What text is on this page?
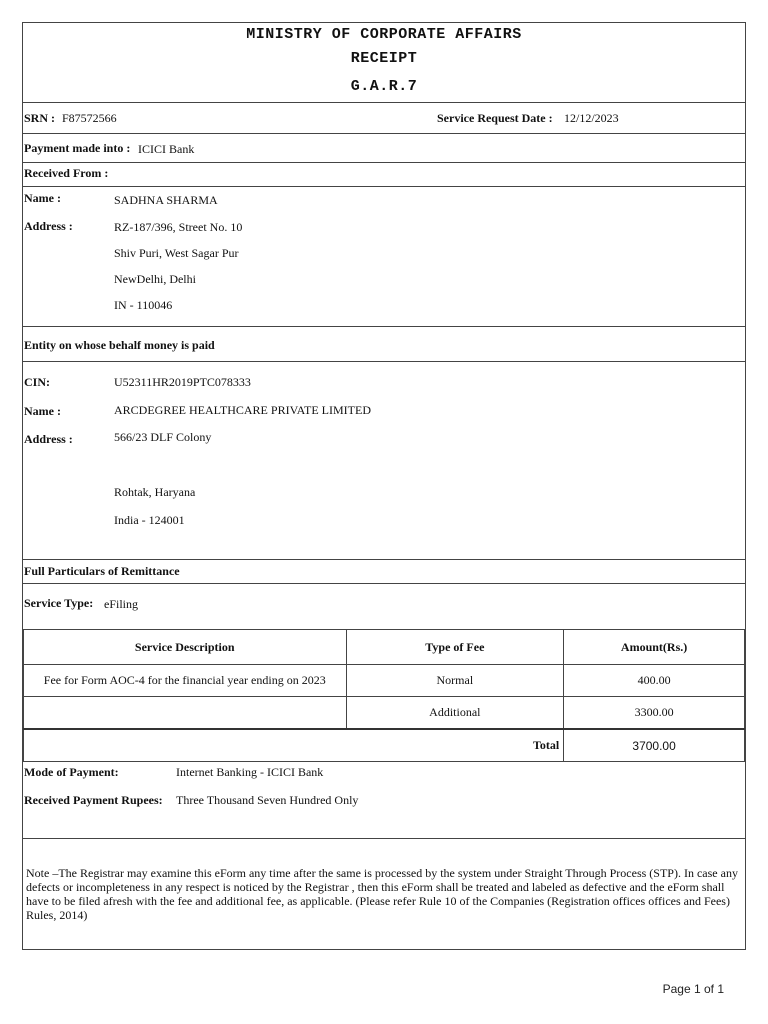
MINISTRY OF CORPORATE AFFAIRS
RECEIPT
G.A.R.7
SRN : F87572566	Service Request Date : 12/12/2023
Payment made into : ICICI Bank
Received From :
Name :	SADHNA SHARMA
Address :	RZ-187/396, Street No. 10
Shiv Puri, West Sagar Pur
NewDelhi, Delhi
IN - 110046
Entity on whose behalf money is paid
CIN:	U52311HR2019PTC078333
Name :	ARCDEGREE HEALTHCARE PRIVATE LIMITED
Address :	566/23 DLF Colony
Rohtak, Haryana
India - 124001
Full Particulars of Remittance
Service Type: eFiling
Service Description	Type of Fee	Amount(Rs.)
Fee for Form AOC-4 for the financial year ending on 2023	Normal	400.00
	Additional	3300.00
Total		3700.00
Mode of Payment:	Internet Banking - ICICI Bank
Received Payment Rupees: Three Thousand Seven Hundred Only
Note –The Registrar may examine this eForm any time after the same is processed by the system under Straight Through Process (STP). In case any defects or incompleteness in any respect is noticed by the Registrar , then this eForm shall be treated and labeled as defective and the eForm shall have to be filed afresh with the fee and additional fee, as applicable. (Please refer Rule 10 of the Companies (Registration offices offices and Fees) Rules, 2014)
Page 1 of 1
